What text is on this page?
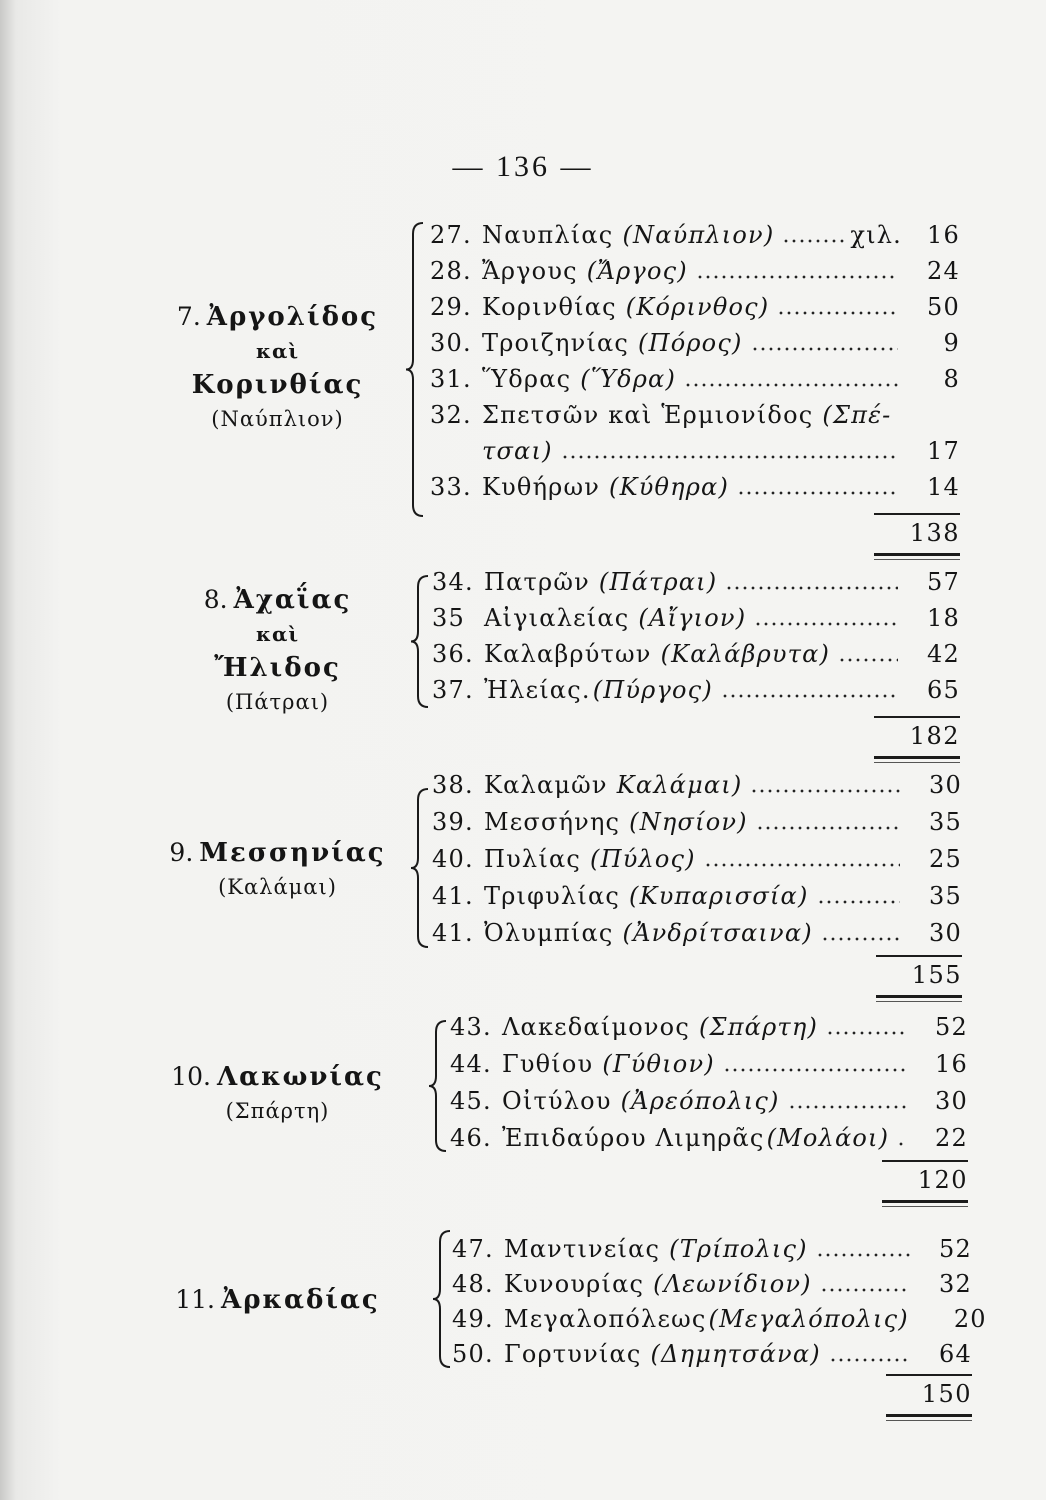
— 136 —
7. Ἀργολίδος
καὶ
Κορινθίας
(Ναύπλιον)
27. Ναυπλίας (Ναύπλιον)	χιλ.	16
28. Ἄργους (Ἄργος)	24
29. Κορινθίας (Κόρινθος)	50
30. Τροιζηνίας (Πόρος)	9
31. Ὕδρας (Ὕδρα)	8
32. Σπετσῶν καὶ Ἑρμιονίδος (Σπέ-
τσαι)	17
33. Κυθήρων (Κύθηρα)	14
138
8. Ἀχαΐας
καὶ
Ἤλιδος
(Πάτραι)
34. Πατρῶν (Πάτραι)	57
35 Αἰγιαλείας (Αἴγιον)	18
36. Καλαβρύτων (Καλάβρυτα)	42
37. Ἠλείας. (Πύργος)	65
182
9. Μεσσηνίας
(Καλάμαι)
38. Καλαμῶν Καλάμαι)	30
39. Μεσσήνης (Νησίον)	35
40. Πυλίας (Πύλος)	25
41. Τριφυλίας (Κυπαρισσία)	35
41. Ὀλυμπίας (Ἀνδρίτσαινα)	30
155
10. Λακωνίας
(Σπάρτη)
43. Λακεδαίμονος (Σπάρτη)	52
44. Γυθίου (Γύθιον)	16
45. Οἰτύλου (Ἀρεόπολις)	30
46. Ἐπιδαύρου Λιμηρᾶς (Μολάοι)	22
120
11. Ἀρκαδίας
47. Μαντινείας (Τρίπολις)	52
48. Κυνουρίας (Λεωνίδιον)	32
49. Μεγαλοπόλεως (Μεγαλόπολις)	20
50. Γορτυνίας (Δημητσάνα)	64
150
